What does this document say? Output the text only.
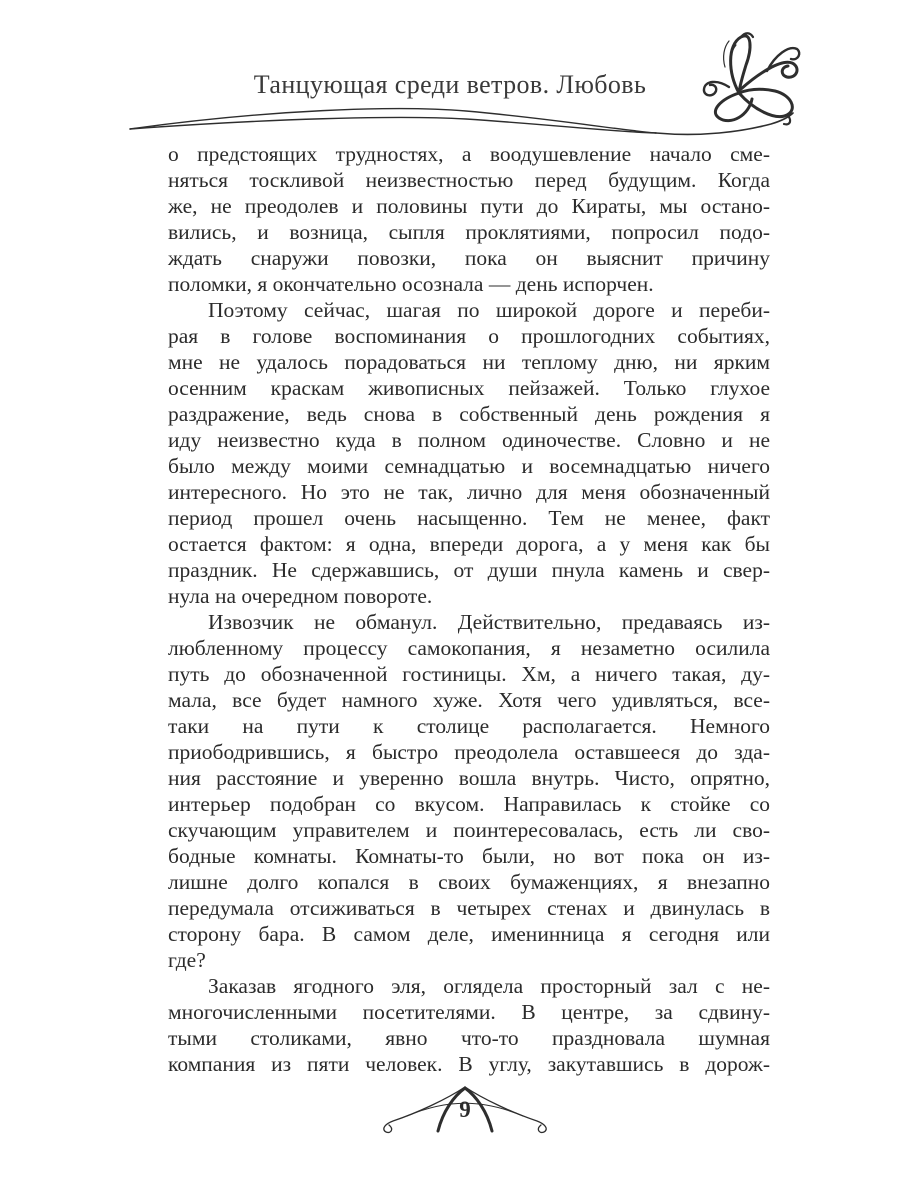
Танцующая среди ветров. Любовь
о предстоящих трудностях, а воодушевление начало сме-
няться тоскливой неизвестностью перед будущим. Когда
же, не преодолев и половины пути до Кираты, мы остано-
вились, и возница, сыпля проклятиями, попросил подо-
ждать снаружи повозки, пока он выяснит причину
поломки, я окончательно осознала — день испорчен.
Поэтому сейчас, шагая по широкой дороге и переби-
рая в голове воспоминания о прошлогодних событиях,
мне не удалось порадоваться ни теплому дню, ни ярким
осенним краскам живописных пейзажей. Только глухое
раздражение, ведь снова в собственный день рождения я
иду неизвестно куда в полном одиночестве. Словно и не
было между моими семнадцатью и восемнадцатью ничего
интересного. Но это не так, лично для меня обозначенный
период прошел очень насыщенно. Тем не менее, факт
остается фактом: я одна, впереди дорога, а у меня как бы
праздник. Не сдержавшись, от души пнула камень и свер-
нула на очередном повороте.
Извозчик не обманул. Действительно, предаваясь из-
любленному процессу самокопания, я незаметно осилила
путь до обозначенной гостиницы. Хм, а ничего такая, ду-
мала, все будет намного хуже. Хотя чего удивляться, все-
таки на пути к столице располагается. Немного
приободрившись, я быстро преодолела оставшееся до зда-
ния расстояние и уверенно вошла внутрь. Чисто, опрятно,
интерьер подобран со вкусом. Направилась к стойке со
скучающим управителем и поинтересовалась, есть ли сво-
бодные комнаты. Комнаты-то были, но вот пока он из-
лишне долго копался в своих бумаженциях, я внезапно
передумала отсиживаться в четырех стенах и двинулась в
сторону бара. В самом деле, именинница я сегодня или
где?
Заказав ягодного эля, оглядела просторный зал с не-
многочисленными посетителями. В центре, за сдвину-
тыми столиками, явно что-то праздновала шумная
компания из пяти человек. В углу, закутавшись в дорож-
9
